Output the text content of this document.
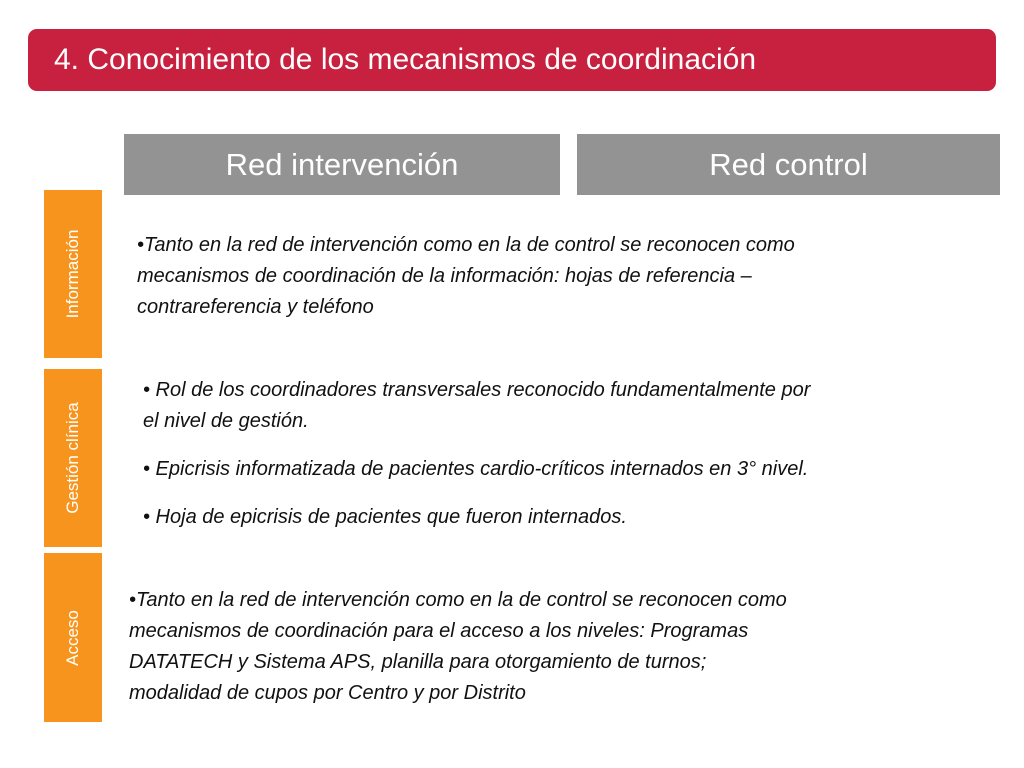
4. Conocimiento de los mecanismos de coordinación
Red intervención	Red control
Información
Gestión clínica
Acceso

•Tanto en la red de intervención como en la de control se reconocen como
mecanismos de coordinación de la información: hojas de referencia –
contrareferencia y teléfono

• Rol de los coordinadores transversales reconocido fundamentalmente por
el nivel de gestión.

• Epicrisis informatizada de pacientes cardio-críticos internados en 3° nivel.

• Hoja de epicrisis de pacientes que fueron internados.

•Tanto en la red de intervención como en la de control se reconocen como
mecanismos de coordinación para el acceso a los niveles: Programas
DATATECH y Sistema APS, planilla para otorgamiento de turnos;
modalidad de cupos por Centro y por Distrito
